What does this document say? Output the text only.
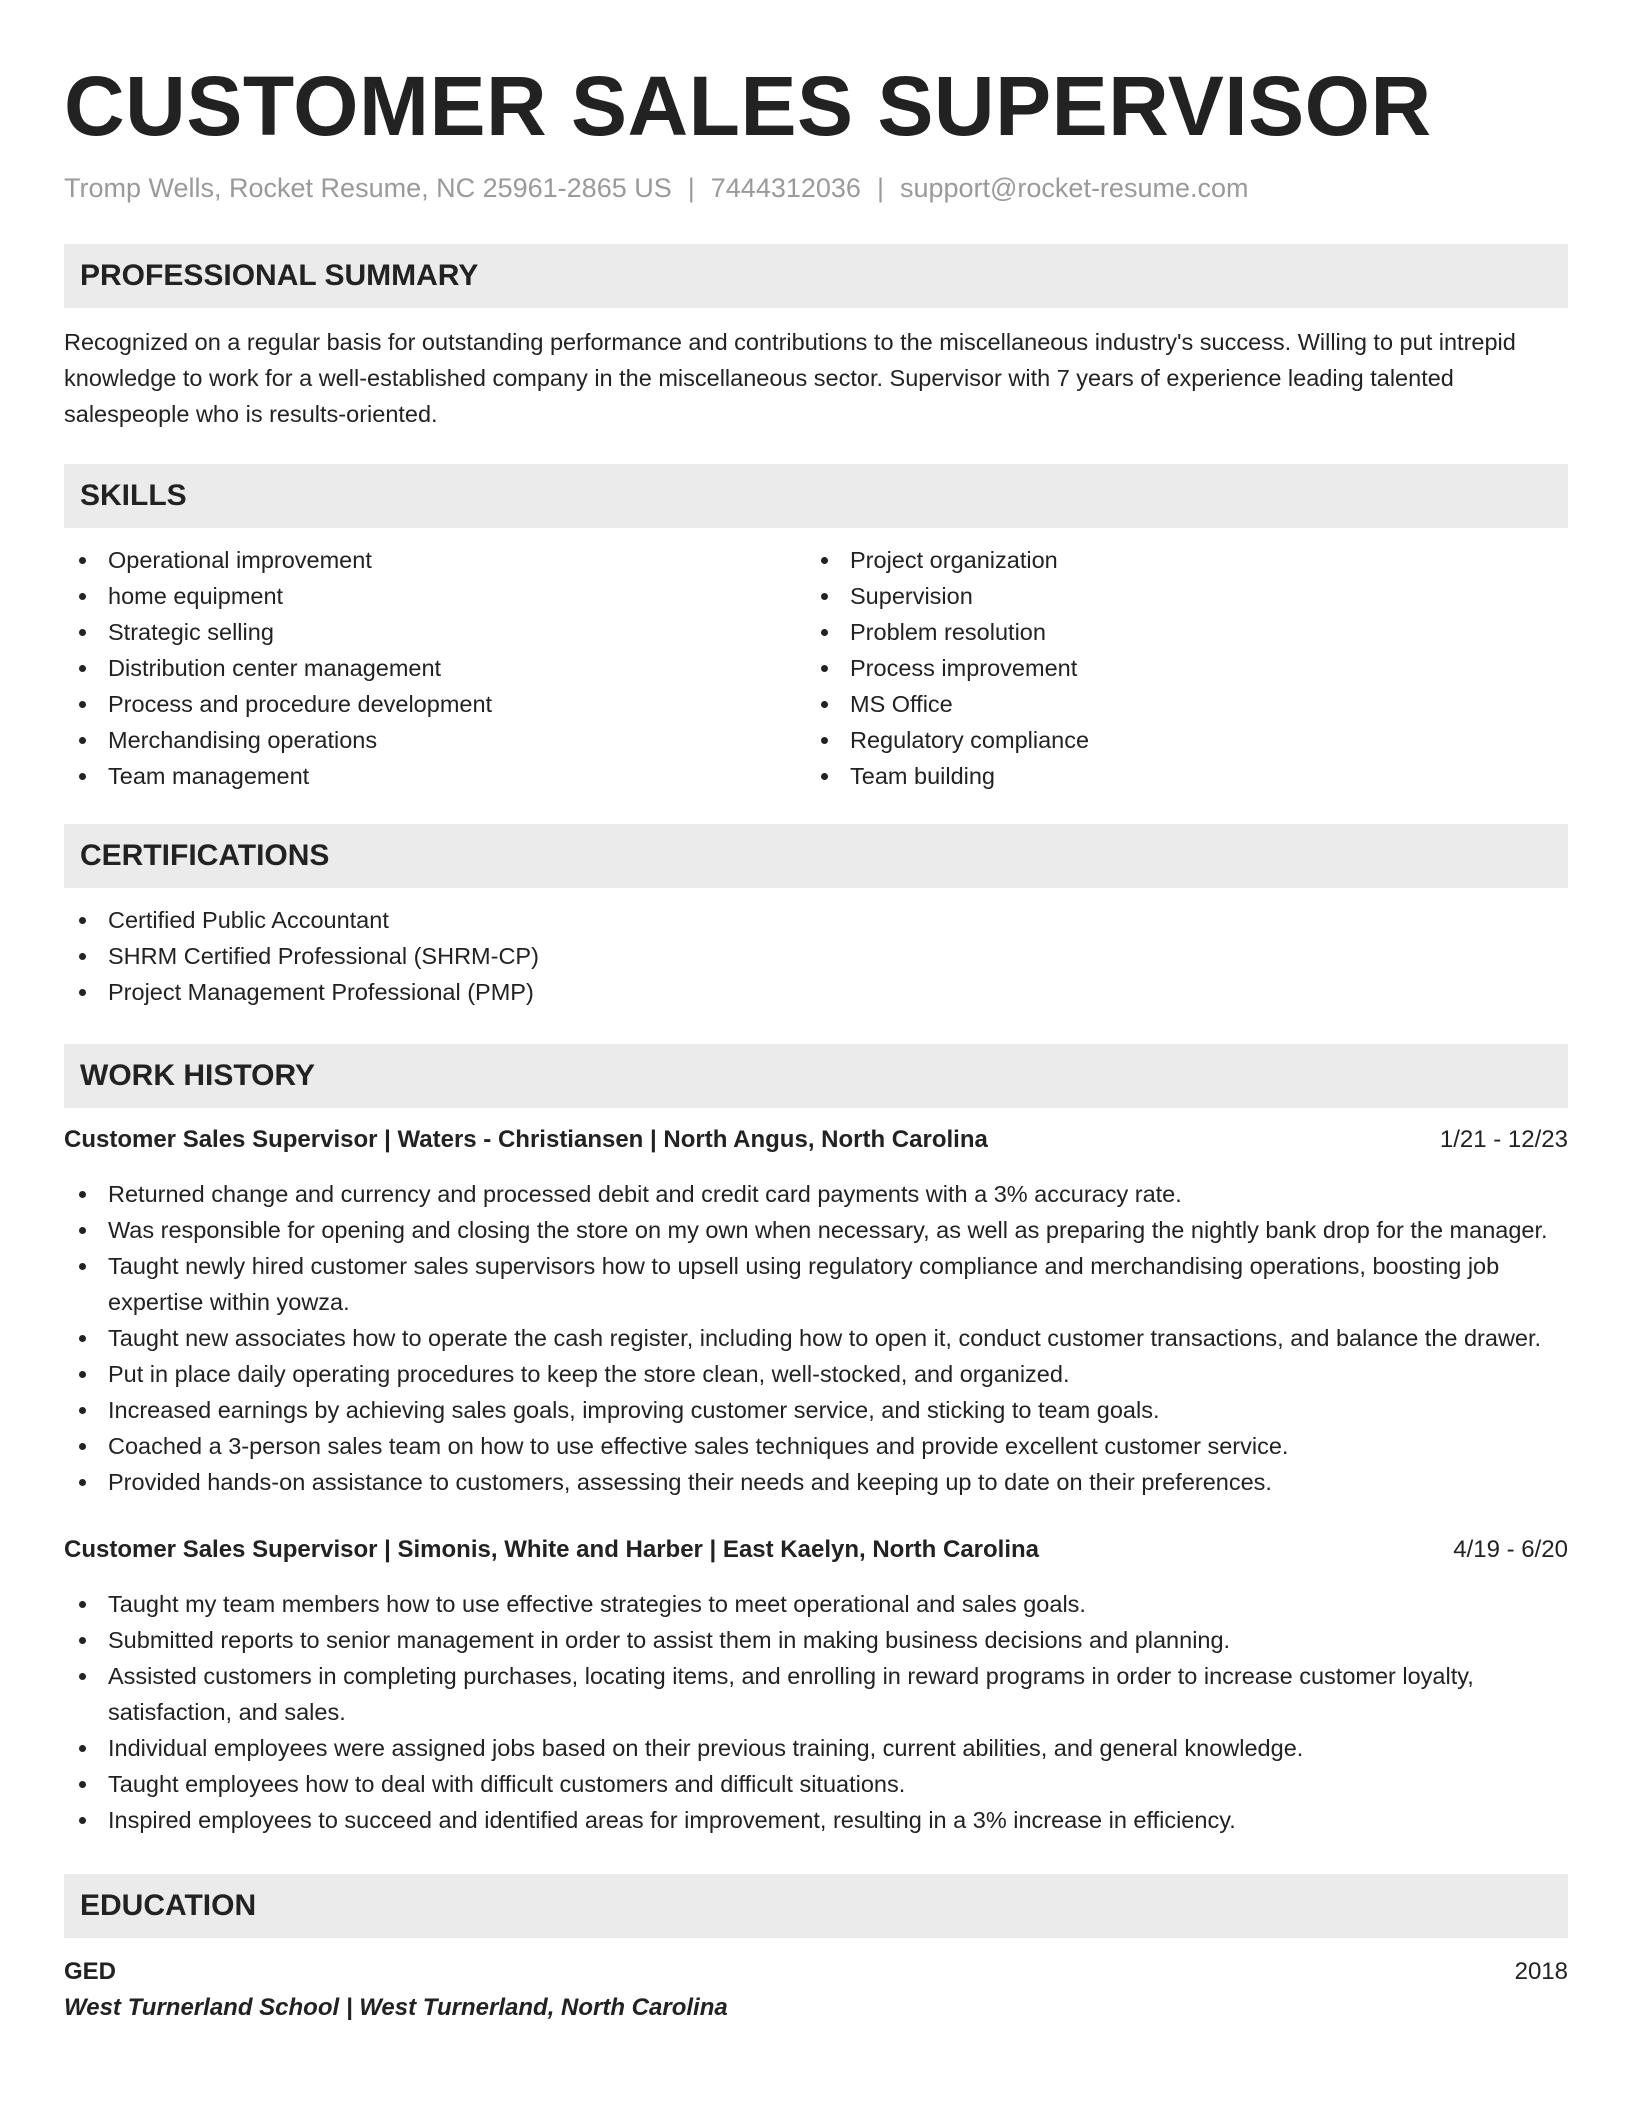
CUSTOMER SALES SUPERVISOR
Tromp Wells, Rocket Resume, NC 25961-2865 US | 7444312036 | support@rocket-resume.com
PROFESSIONAL SUMMARY

Recognized on a regular basis for outstanding performance and contributions to the miscellaneous industry's success. Willing to put intrepid knowledge to work for a well-established company in the miscellaneous sector. Supervisor with 7 years of experience leading talented salespeople who is results-oriented.

SKILLS
Operational improvement
home equipment
Strategic selling
Distribution center management
Process and procedure development
Merchandising operations
Team management
Project organization
Supervision
Problem resolution
Process improvement
MS Office
Regulatory compliance
Team building
CERTIFICATIONS
Certified Public Accountant
SHRM Certified Professional (SHRM-CP)
Project Management Professional (PMP)
WORK HISTORY
Customer Sales Supervisor | Waters - Christiansen | North Angus, North Carolina	1/21 - 12/23
Returned change and currency and processed debit and credit card payments with a 3% accuracy rate.
Was responsible for opening and closing the store on my own when necessary, as well as preparing the nightly bank drop for the manager.
Taught newly hired customer sales supervisors how to upsell using regulatory compliance and merchandising operations, boosting job expertise within yowza.
Taught new associates how to operate the cash register, including how to open it, conduct customer transactions, and balance the drawer.
Put in place daily operating procedures to keep the store clean, well-stocked, and organized.
Increased earnings by achieving sales goals, improving customer service, and sticking to team goals.
Coached a 3-person sales team on how to use effective sales techniques and provide excellent customer service.
Provided hands-on assistance to customers, assessing their needs and keeping up to date on their preferences.
Customer Sales Supervisor | Simonis, White and Harber | East Kaelyn, North Carolina	4/19 - 6/20
Taught my team members how to use effective strategies to meet operational and sales goals.
Submitted reports to senior management in order to assist them in making business decisions and planning.
Assisted customers in completing purchases, locating items, and enrolling in reward programs in order to increase customer loyalty, satisfaction, and sales.
Individual employees were assigned jobs based on their previous training, current abilities, and general knowledge.
Taught employees how to deal with difficult customers and difficult situations.
Inspired employees to succeed and identified areas for improvement, resulting in a 3% increase in efficiency.
EDUCATION
GED	2018
West Turnerland School | West Turnerland, North Carolina
